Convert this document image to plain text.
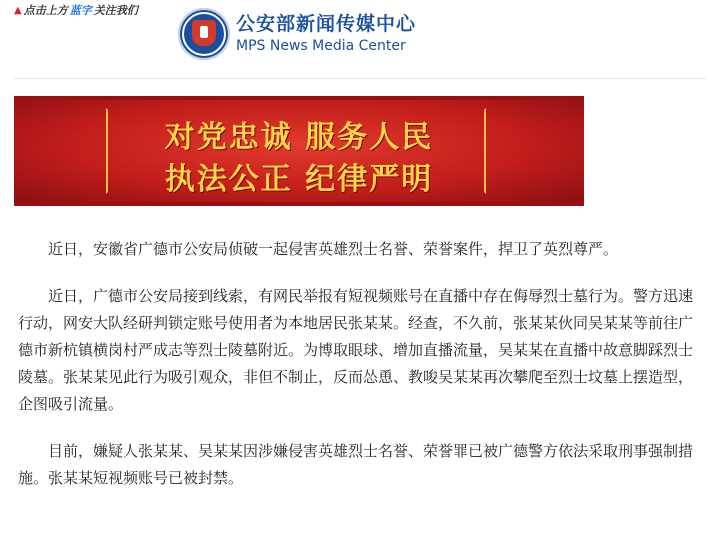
▲ 点击上方 蓝字 关注我们
公安部新闻传媒中心
MPS News Media Center
对党忠诚 服务人民
执法公正 纪律严明

近日，安徽省广德市公安局侦破一起侵害英雄烈士名誉、荣誉案件，捍卫了英烈尊严。

近日，广德市公安局接到线索，有网民举报有短视频账号在直播中存在侮辱烈士墓行为。警方迅速行动，网安大队经研判锁定账号使用者为本地居民张某某。经查，不久前，张某某伙同吴某某等前往广德市新杭镇横岗村严成志等烈士陵墓附近。为博取眼球、增加直播流量，吴某某在直播中故意脚踩烈士陵墓。张某某见此行为吸引观众，非但不制止，反而怂恿、教唆吴某某再次攀爬至烈士坟墓上摆造型，企图吸引流量。

目前，嫌疑人张某某、吴某某因涉嫌侵害英雄烈士名誉、荣誉罪已被广德警方依法采取刑事强制措施。张某某短视频账号已被封禁。
